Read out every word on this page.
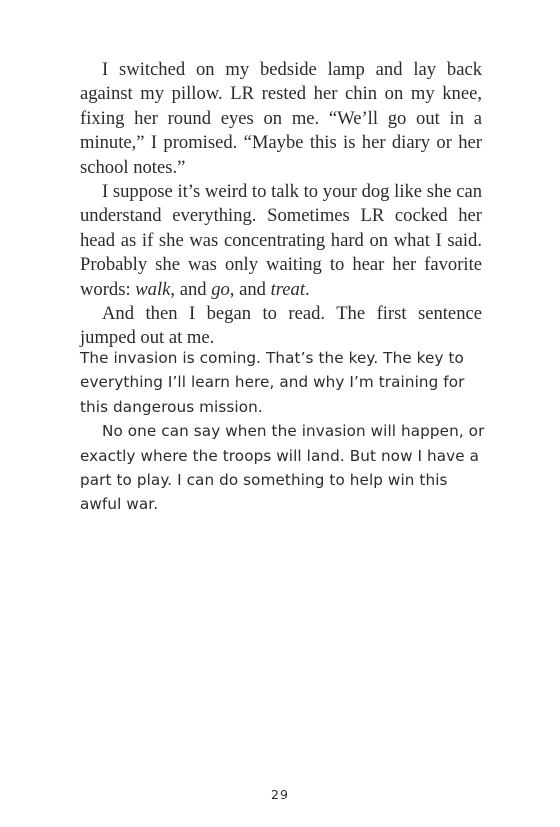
I switched on my bedside lamp and lay back against my pillow. LR rested her chin on my knee, fixing her round eyes on me. “We’ll go out in a minute,” I promised. “Maybe this is her diary or her school notes.”

I suppose it’s weird to talk to your dog like she can understand everything. Sometimes LR cocked her head as if she was concentrating hard on what I said. Probably she was only waiting to hear her favorite words: walk, and go, and treat.

And then I began to read. The first sentence jumped out at me.

The invasion is coming. That’s the key. The key to everything I’ll learn here, and why I’m training for this dangerous mission.

No one can say when the invasion will happen, or exactly where the troops will land. But now I have a part to play. I can do something to help win this awful war.

29
